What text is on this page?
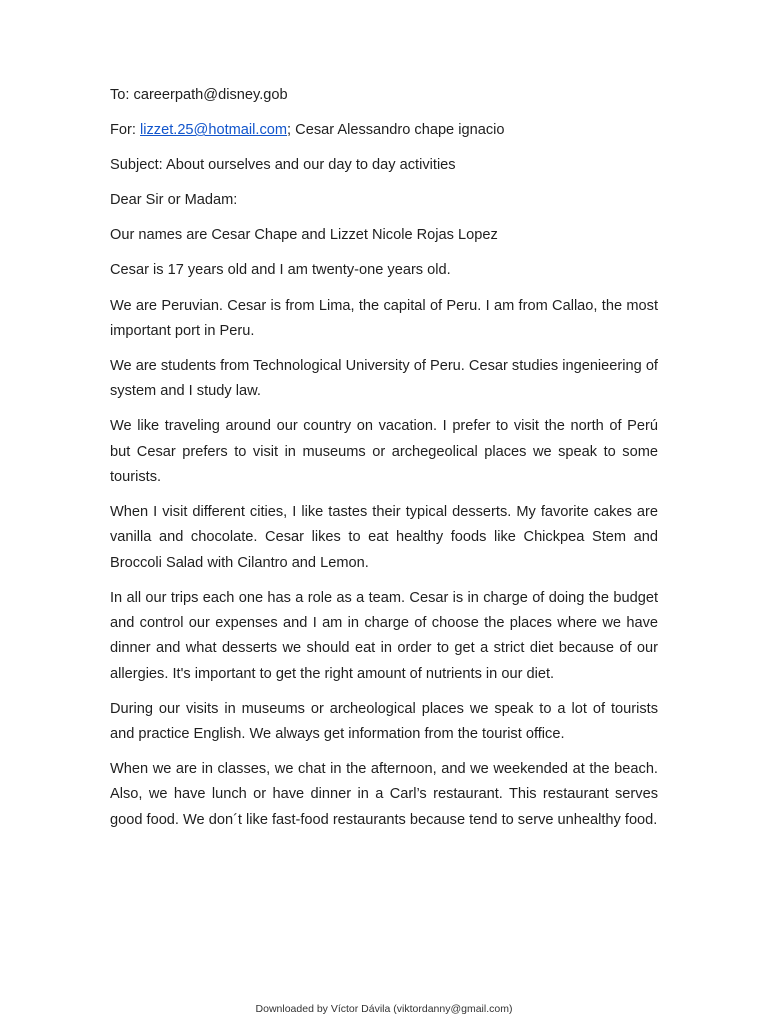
To: careerpath@disney.gob
For: lizzet.25@hotmail.com; Cesar Alessandro chape ignacio
Subject: About ourselves and our day to day activities
Dear Sir or Madam:

Our names are Cesar Chape and Lizzet Nicole Rojas Lopez

Cesar is 17 years old and I am twenty-one years old.

We are Peruvian. Cesar is from Lima, the capital of Peru. I am from Callao, the most important port in Peru.

We are students from Technological University of Peru. Cesar studies ingenieering of system and I study law.

We like traveling around our country on vacation. I prefer to visit the north of Perú but Cesar prefers to visit in museums or archegeolical places we speak to some tourists.

When I visit different cities, I like tastes their typical desserts. My favorite cakes are vanilla and chocolate. Cesar likes to eat healthy foods like Chickpea Stem and Broccoli Salad with Cilantro and Lemon.

In all our trips each one has a role as a team. Cesar is in charge of doing the budget and control our expenses and I am in charge of choose the places where we have dinner and what desserts we should eat in order to get a strict diet because of our allergies. It's important to get the right amount of nutrients in our diet.

During our visits in museums or archeological places we speak to a lot of tourists and practice English. We always get information from the tourist office.

When we are in classes, we chat in the afternoon, and we weekended at the beach. Also, we have lunch or have dinner in a Carl’s restaurant. This restaurant serves good food. We don´t like fast-food restaurants because tend to serve unhealthy food.

Downloaded by Víctor Dávila (viktordanny@gmail.com)
